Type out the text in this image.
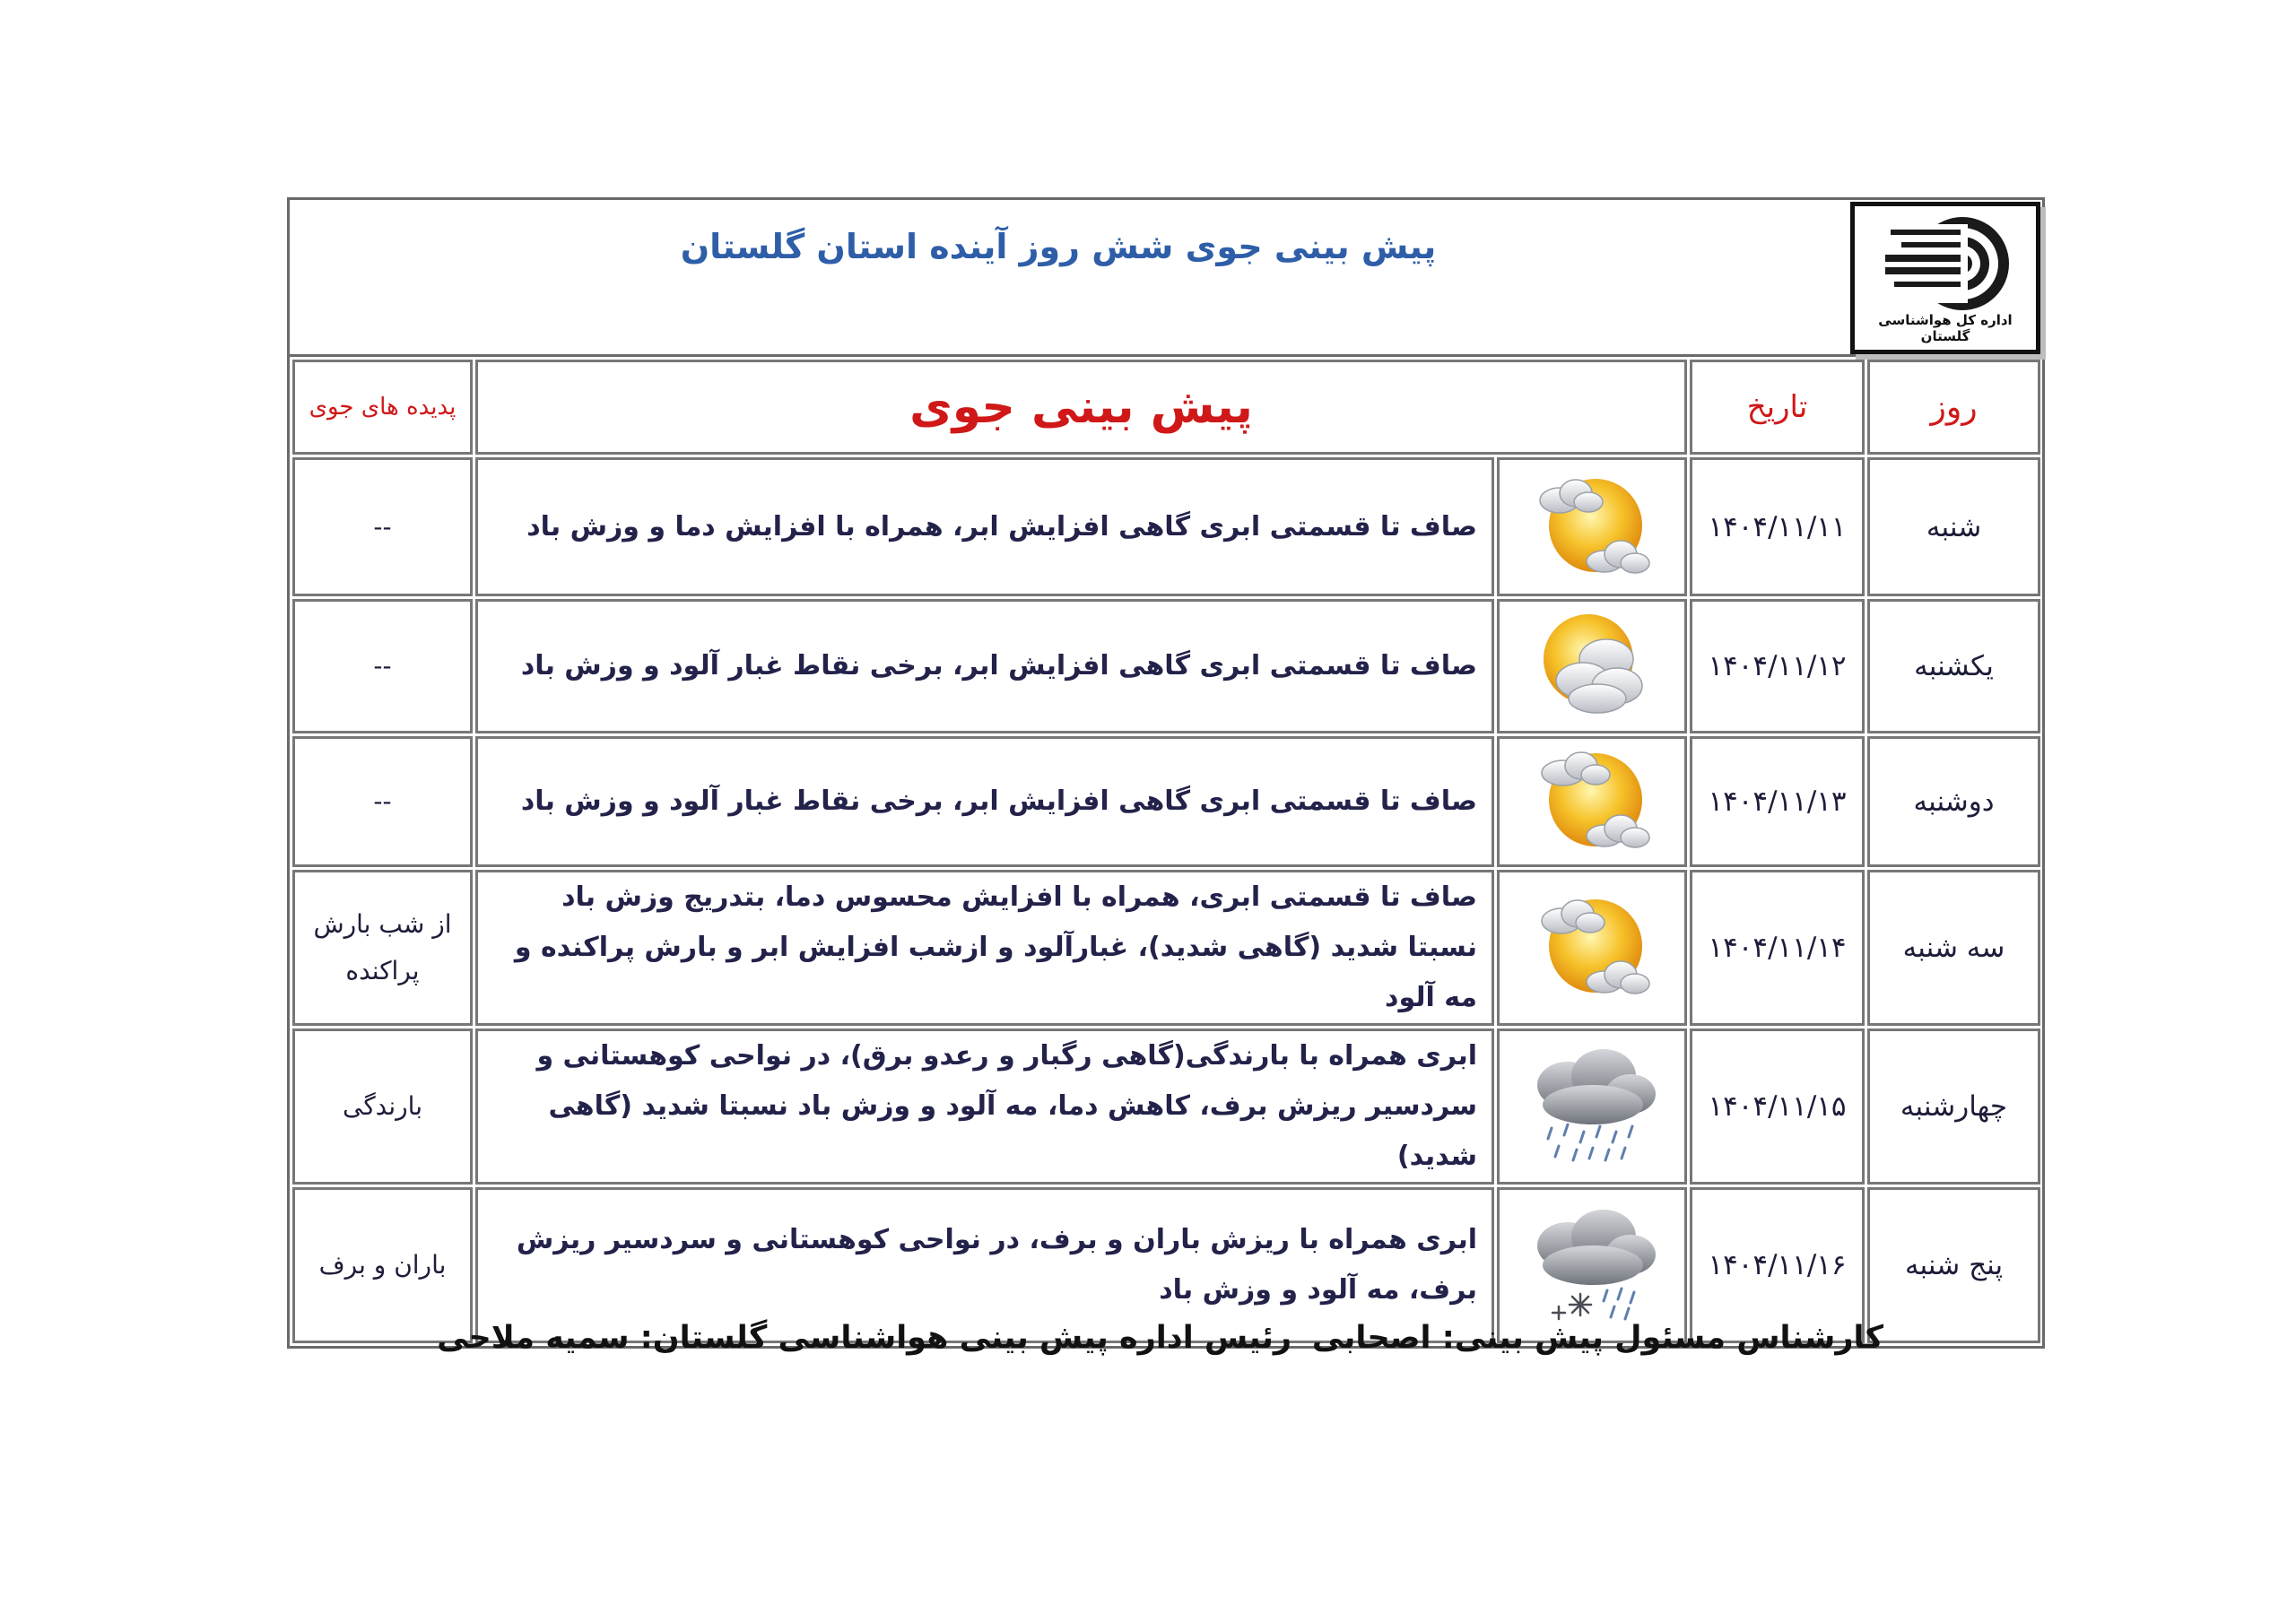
پیش بینی جوی شش روز آینده استان گلستان
اداره کل هواشناسی گلستان
روز	تاریخ	پیش بینی جوی		پدیده های جوی
شنبه	۱۴۰۴/۱۱/۱۱		صاف تا قسمتی ابری گاهی افزایش ابر، همراه با افزایش دما و وزش باد	--
یکشنبه	۱۴۰۴/۱۱/۱۲		صاف تا قسمتی ابری گاهی افزایش ابر، برخی نقاط غبار آلود و وزش باد	--
دوشنبه	۱۴۰۴/۱۱/۱۳		صاف تا قسمتی ابری گاهی افزایش ابر، برخی نقاط غبار آلود و وزش باد	--
سه شنبه	۱۴۰۴/۱۱/۱۴		صاف تا قسمتی ابری، همراه با افزایش محسوس دما، بتدریج وزش باد نسبتا شدید (گاهی شدید)، غبارآلود و ازشب افزایش ابر و بارش پراکنده و مه آلود	از شب بارش پراکنده
چهارشنبه	۱۴۰۴/۱۱/۱۵		ابری همراه با بارندگی(گاهی رگبار و رعدو برق)، در نواحی کوهستانی و سردسیر ریزش برف، کاهش دما، مه آلود و وزش باد نسبتا شدید (گاهی شدید)	بارندگی
پنج شنبه	۱۴۰۴/۱۱/۱۶		ابری همراه با ریزش باران و برف، در نواحی کوهستانی و سردسیر ریزش برف، مه آلود و وزش باد	باران و برف
کارشناس مسئول پیش بینی: اصحابی
رئیس اداره پیش بینی هواشناسی گلستان: سمیه ملاحی
